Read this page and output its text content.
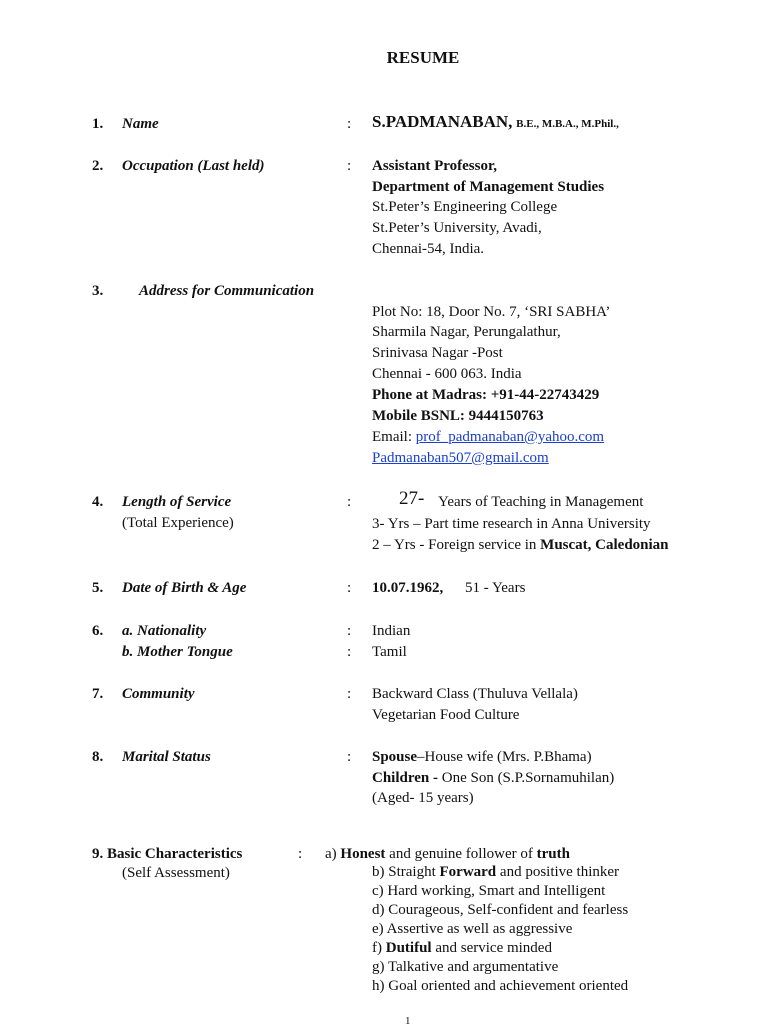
RESUME
1. Name	: S.PADMANABAN, B.E., M.B.A., M.Phil.,
2. Occupation (Last held)	: Assistant Professor,
Department of Management Studies
St.Peter’s Engineering College
St.Peter’s University, Avadi,
Chennai-54, India.
3. Address for Communication
Plot No: 18, Door No. 7, ‘SRI SABHA’
Sharmila Nagar, Perungalathur,
Srinivasa Nagar -Post
Chennai - 600 063. India
Phone at Madras: +91-44-22743429
Mobile BSNL: 9444150763
Email: prof_padmanaban@yahoo.com
Padmanaban507@gmail.com
4. Length of Service
(Total Experience)
:	27- Years of Teaching in Management
3- Yrs – Part time research in Anna University
2 – Yrs - Foreign service in Muscat, Caledonian
5. Date of Birth & Age	: 10.07.1962, 51 - Years
6. a. Nationality	: Indian
b. Mother Tongue	: Tamil
7. Community	: Backward Class (Thuluva Vellala)
Vegetarian Food Culture
8. Marital Status	: Spouse–House wife (Mrs. P.Bhama)
Children - One Son (S.P.Sornamuhilan)
(Aged- 15 years)
9. Basic Characteristics
(Self Assessment)
: a) Honest and genuine follower of truth
b) Straight Forward and positive thinker
c) Hard working, Smart and Intelligent
d) Courageous, Self-confident and fearless
e) Assertive as well as aggressive
f) Dutiful and service minded
g) Talkative and argumentative
h) Goal oriented and achievement oriented
1
